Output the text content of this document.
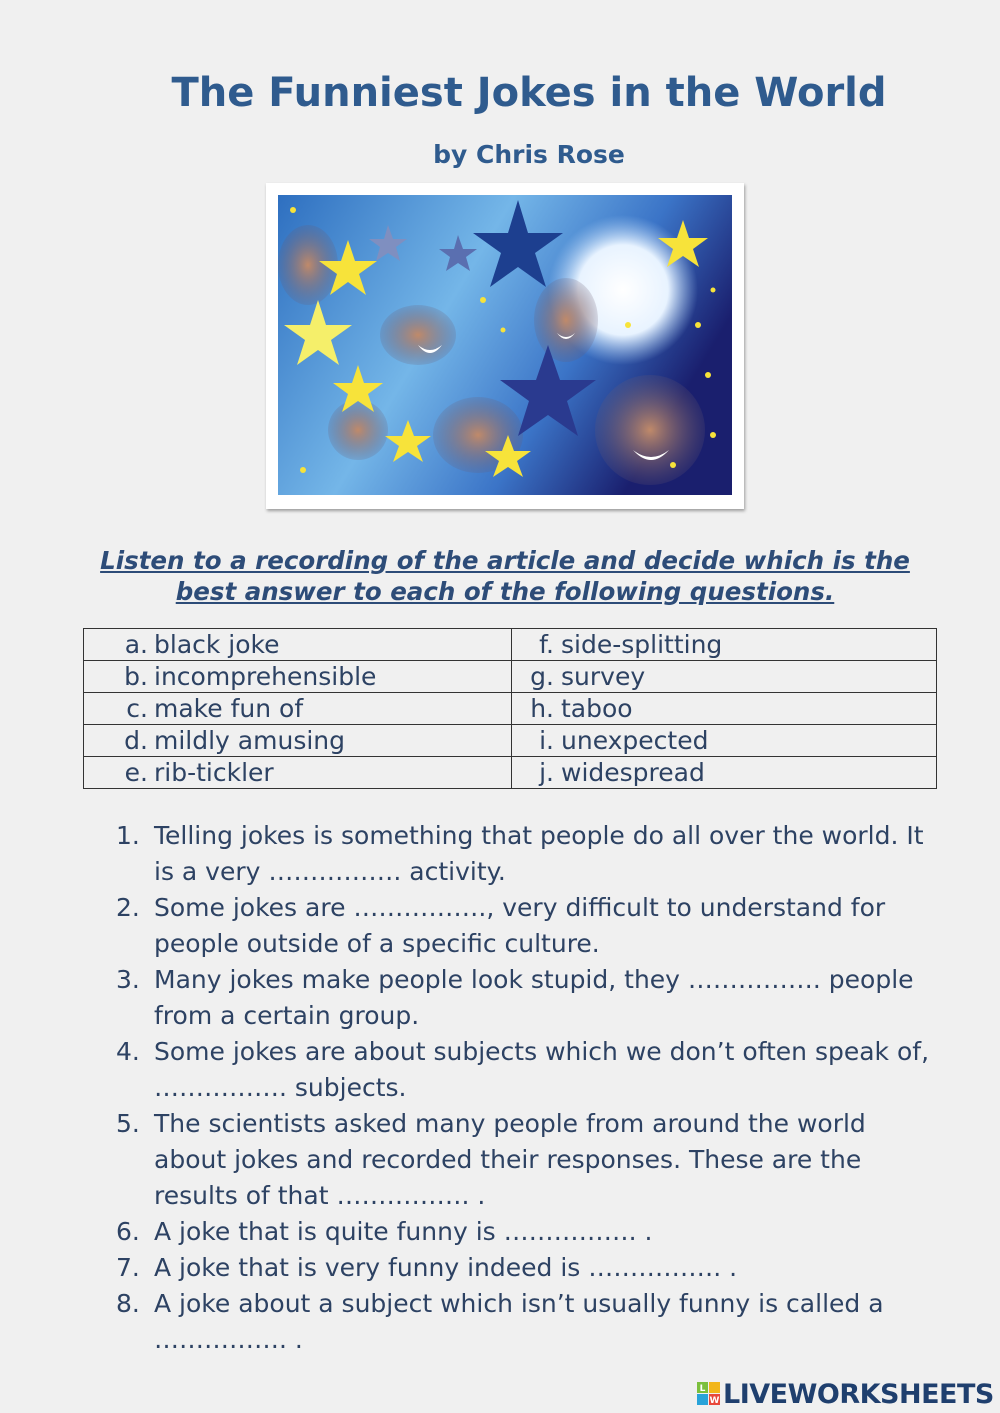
The Funniest Jokes in the World
by Chris Rose

Listen to a recording of the article and decide which is the best answer to each of the following questions.

a. black joke	f. side-splitting

b. incomprehensible	g. survey

c. make fun of	h. taboo

d. mildly amusing	i. unexpected

e. rib-tickler	j. widespread
1. Telling jokes is something that people do all over the world. It is a very ……………. activity.
2. Some jokes are ……………., very difficult to understand for people outside of a specific culture.
3. Many jokes make people look stupid, they ……………. people from a certain group.
4. Some jokes are about subjects which we don’t often speak of, ……………. subjects.
5. The scientists asked many people from around the world about jokes and recorded their responses. These are the results of that ……………. .
6. A joke that is quite funny is ……………. .
7. A joke that is very funny indeed is ……………. .
8. A joke about a subject which isn’t usually funny is called a ……………. .
L
W LIVEWORKSHEETS
